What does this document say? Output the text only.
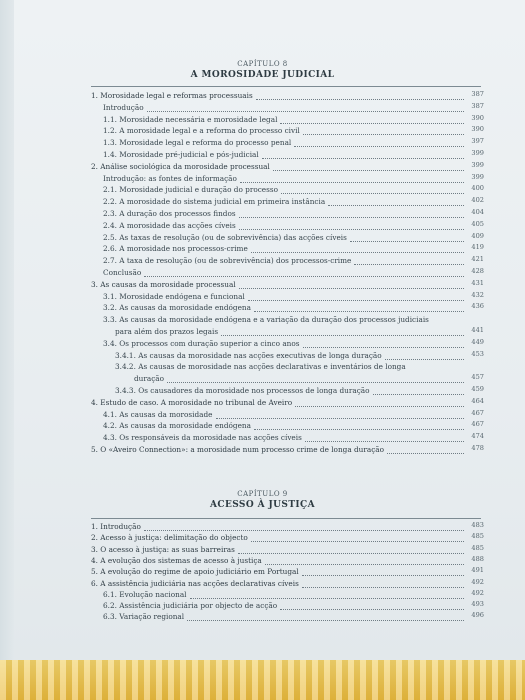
CAPÍTULO 8
A MOROSIDADE JUDICIAL
1. Morosidade legal e reformas processuais	387
Introdução	387
1.1. Morosidade necessária e morosidade legal	390
1.2. A morosidade legal e a reforma do processo civil	390
1.3. Morosidade legal e reforma do processo penal	397
1.4. Morosidade pré-judicial e pós-judicial	399
2. Análise sociológica da morosidade processual	399
Introdução: as fontes de informação	399
2.1. Morosidade judicial e duração do processo	400
2.2. A morosidade do sistema judicial em primeira instância	402
2.3. A duração dos processos findos	404
2.4. A morosidade das acções cíveis	405
2.5. As taxas de resolução (ou de sobrevivência) das acções cíveis	409
2.6. A morosidade nos processos-crime	419
2.7. A taxa de resolução (ou de sobrevivência) dos processos-crime	421
Conclusão	428
3. As causas da morosidade processual	431
3.1. Morosidade endógena e funcional	432
3.2. As causas da morosidade endógena	436
3.3. As causas da morosidade endógena e a variação da duração dos processos judiciais
para além dos prazos legais	441
3.4. Os processos com duração superior a cinco anos	449
3.4.1. As causas da morosidade nas acções executivas de longa duração	453
3.4.2. As causas de morosidade nas acções declarativas e inventários de longa
duração	457
3.4.3. Os causadores da morosidade nos processos de longa duração	459
4. Estudo de caso. A morosidade no tribunal de Aveiro	464
4.1. As causas da morosidade	467
4.2. As causas da morosidade endógena	467
4.3. Os responsáveis da morosidade nas acções cíveis	474
5. O «Aveiro Connection»: a morosidade num processo crime de longa duração	478
CAPÍTULO 9
ACESSO À JUSTIÇA
1. Introdução	483
2. Acesso à justiça: delimitação do objecto	485
3. O acesso à justiça: as suas barreiras	485
4. A evolução dos sistemas de acesso à justiça	488
5. A evolução do regime de apoio judiciário em Portugal	491
6. A assistência judiciária nas acções declarativas cíveis	492
6.1. Evolução nacional	492
6.2. Assistência judiciária por objecto de acção	493
6.3. Variação regional	496
